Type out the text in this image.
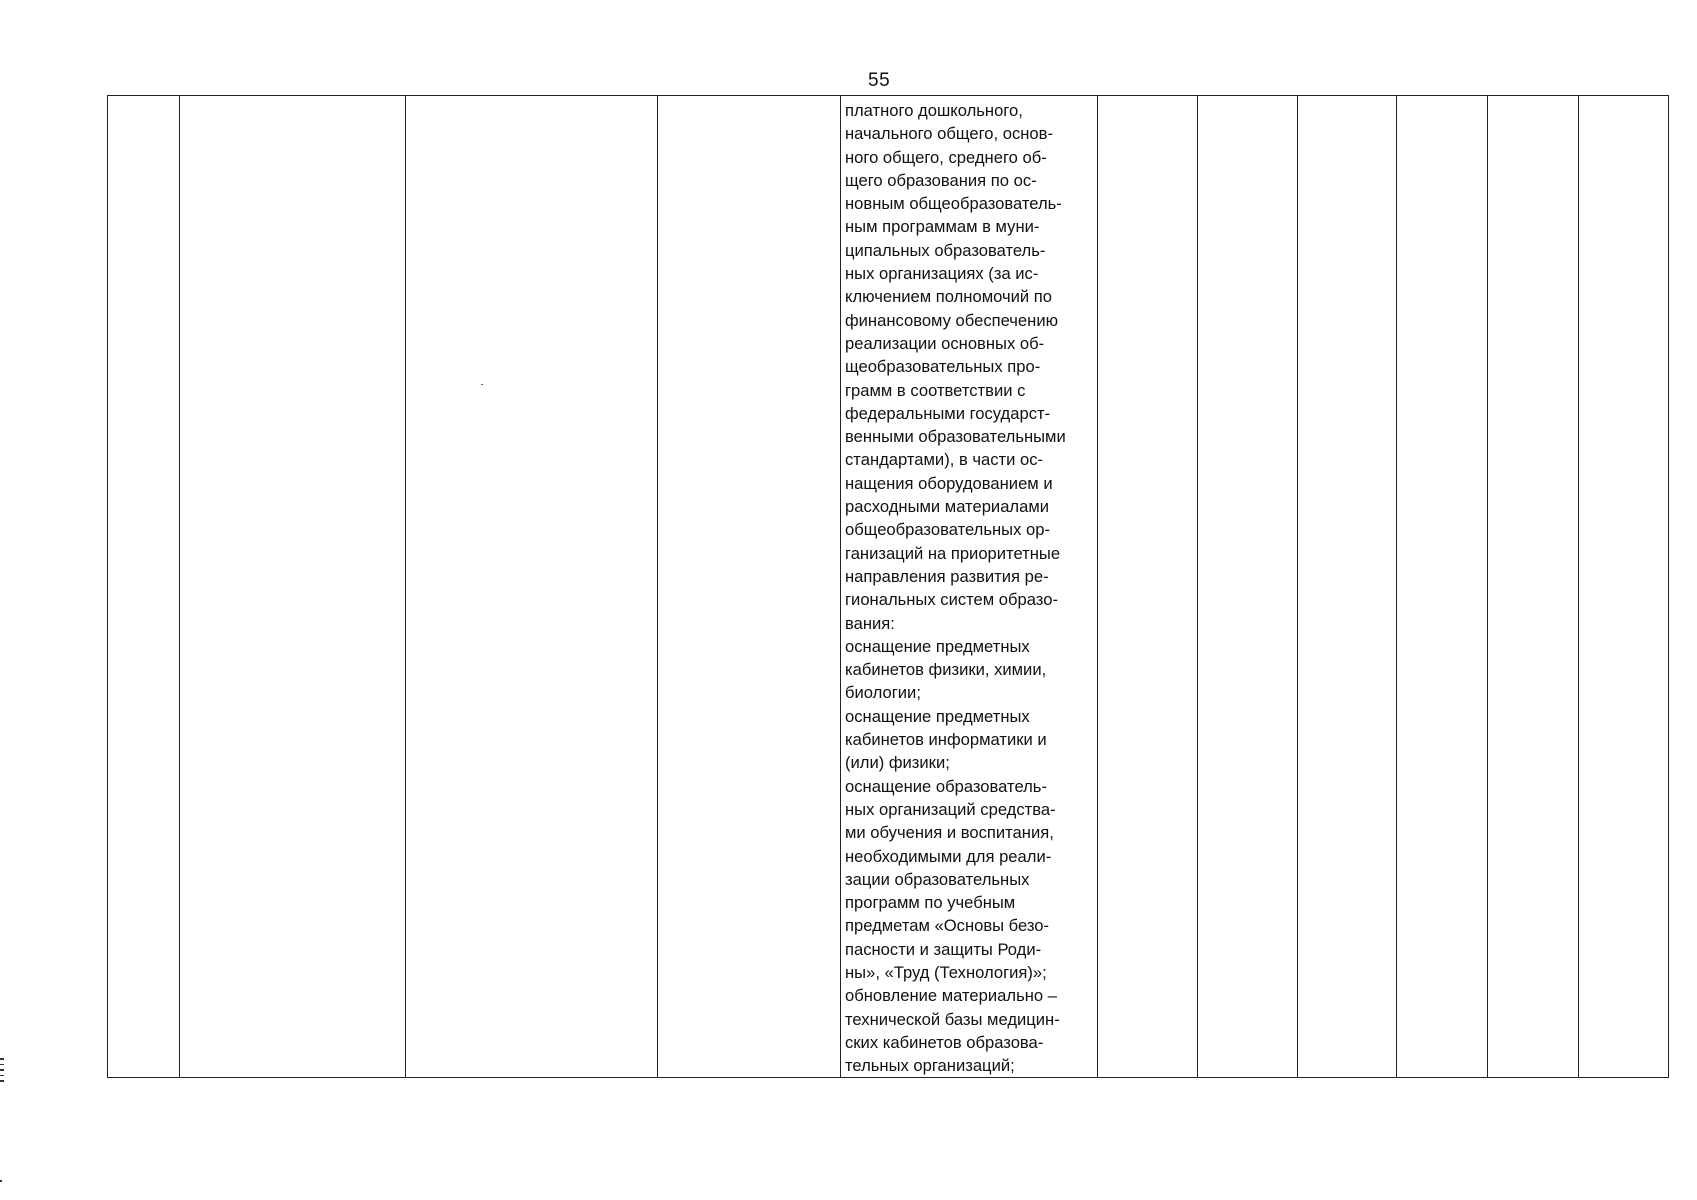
55
				платного дошкольного,
начального общего, основ-
ного общего, среднего об-
щего образования по ос-
новным общеобразователь-
ным программам в муни-
ципальных образователь-
ных организациях (за ис-
ключением полномочий по
финансовому обеспечению
реализации основных об-
щеобразовательных про-
грамм в соответствии с
федеральными государст-
венными образовательными
стандартами), в части ос-
нащения оборудованием и
расходными материалами
общеобразовательных ор-
ганизаций на приоритетные
направления развития ре-
гиональных систем образо-
вания:
оснащение предметных
кабинетов физики, химии,
биологии;
оснащение предметных
кабинетов информатики и
(или) физики;
оснащение образователь-
ных организаций средства-
ми обучения и воспитания,
необходимыми для реали-
зации образовательных
программ по учебным
предметам «Основы безо-
пасности и защиты Роди-
ны», «Труд (Технология)»;
обновление материально –
технической базы медицин-
ских кабинетов образова-
тельных организаций;						
